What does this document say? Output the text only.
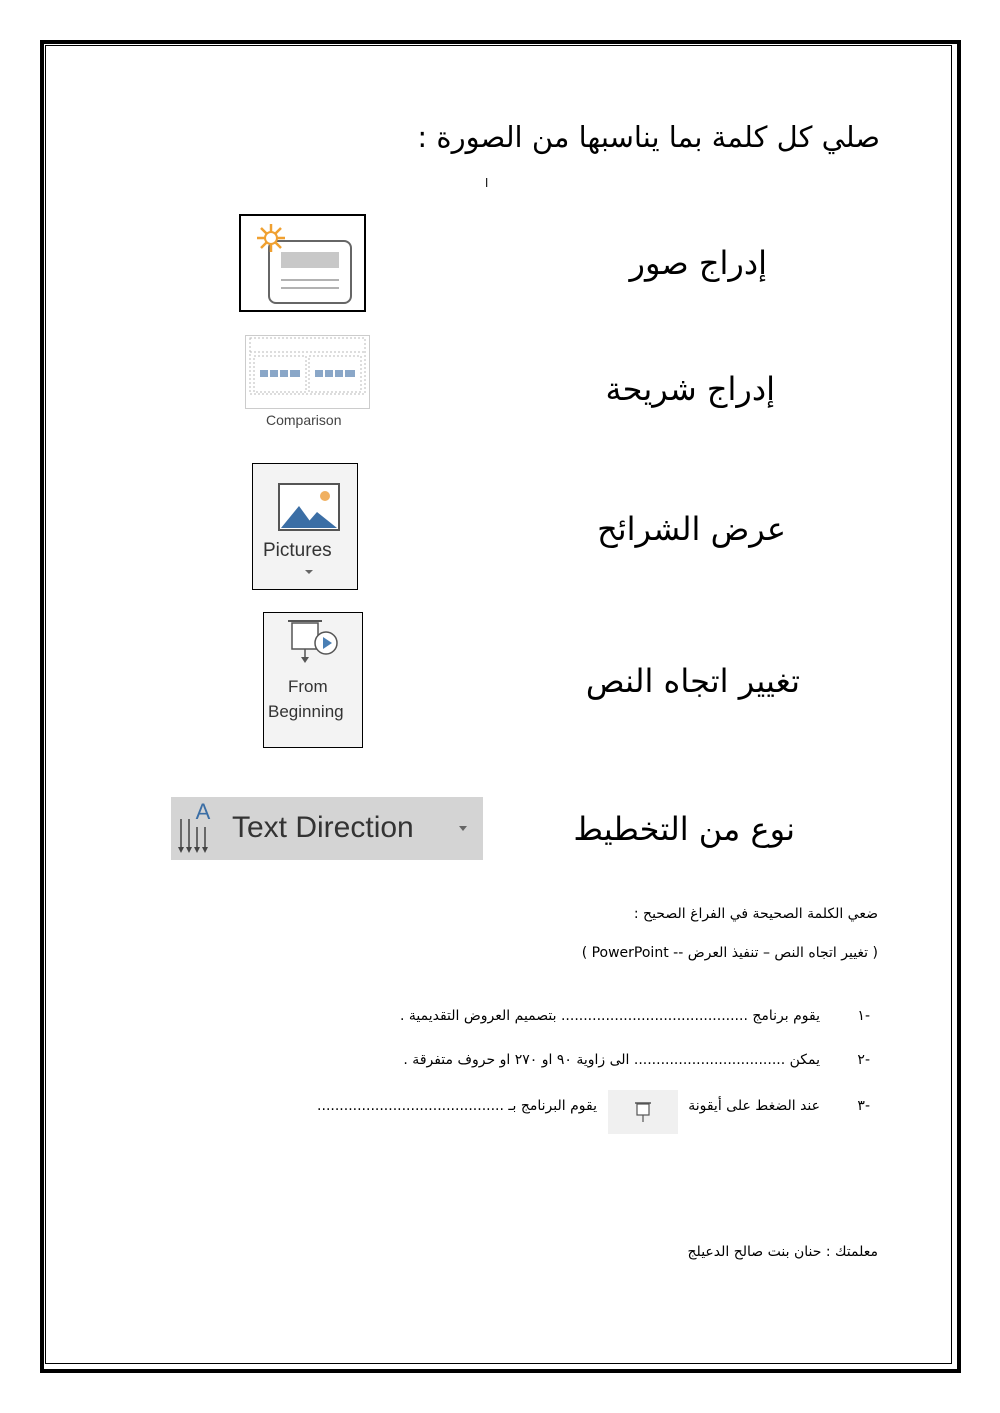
صلي كل كلمة بما يناسبها من الصورة :
ا
إدراج صور
إدراج شريحة
عرض الشرائح
تغيير اتجاه النص
نوع من التخطيط
Comparison
Pictures
From
Beginning
A Text Direction
ضعي الكلمة الصحيحة في الفراغ الصحيح :
( PowerPoint -- تغيير اتجاه النص – تنفيذ العرض )
١-
يقوم برنامج .......................................... بتصميم العروض التقديمية .
٢-
يمكن .................................. الى زاوية ٩٠ او ٢٧٠ او حروف متفرقة .
٣-
عند الضغط على أيقونة
يقوم البرنامج بـ ..........................................
معلمتك : حنان بنت صالح الدعيلج
